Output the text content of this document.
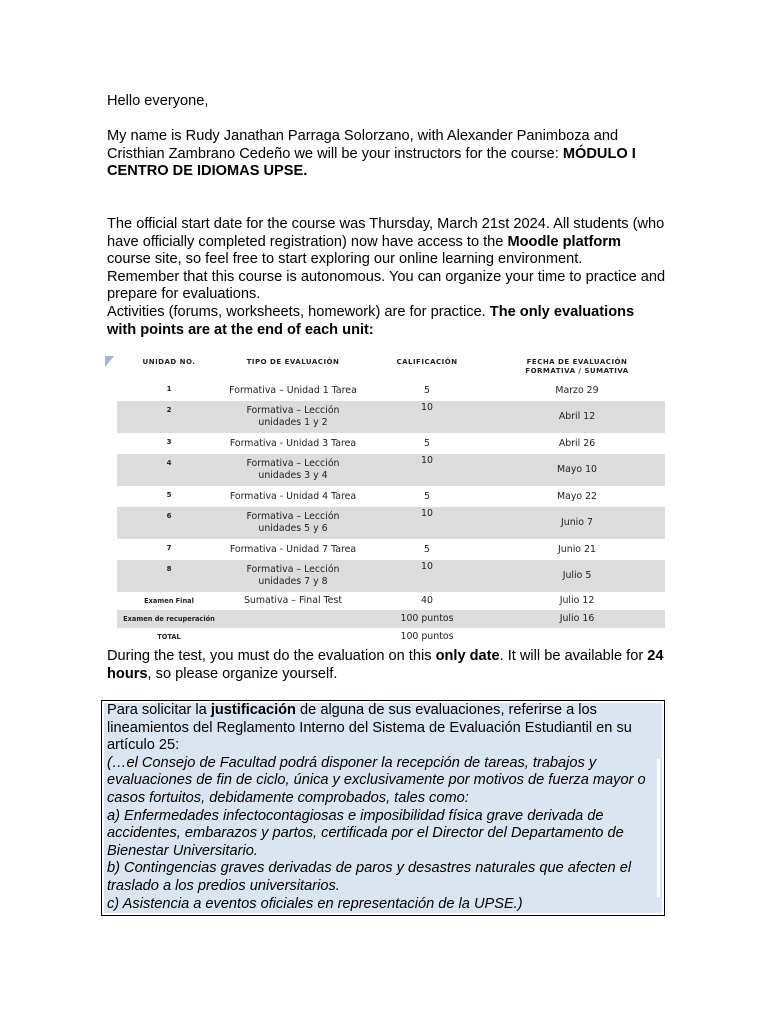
Hello everyone,

My name is Rudy Janathan Parraga Solorzano, with Alexander Panimboza and Cristhian Zambrano Cedeño we will be your instructors for the course: MÓDULO I CENTRO DE IDIOMAS UPSE.

The official start date for the course was Thursday, March 21st 2024. All students (who have officially completed registration) now have access to the Moodle platform course site, so feel free to start exploring our online learning environment.

Remember that this course is autonomous. You can organize your time to practice and prepare for evaluations.

Activities (forums, worksheets, homework) are for practice. The only evaluations with points are at the end of each unit:

UNIDAD NO.	TIPO DE EVALUACIÓN	CALIFICACIÓN	FECHA DE EVALUACIÓN
FORMATIVA / SUMATIVA
1	Formativa – Unidad 1 Tarea	5	Marzo 29
2	Formativa – Lección
unidades 1 y 2	10	Abril 12
3	Formativa - Unidad 3 Tarea	5	Abril 26
4	Formativa – Lección
unidades 3 y 4	10	Mayo 10
5	Formativa - Unidad 4 Tarea	5	Mayo 22
6	Formativa – Lección
unidades 5 y 6	10	Junio 7
7	Formativa - Unidad 7 Tarea	5	Junio 21
8	Formativa – Lección
unidades 7 y 8	10	Julio 5
Examen Final	Sumativa – Final Test	40	Julio 12
Examen de recuperación		100 puntos	Julio 16
TOTAL		100 puntos	

During the test, you must do the evaluation on this only date. It will be available for 24 hours, so please organize yourself.

Para solicitar la justificación de alguna de sus evaluaciones, referirse a los lineamientos del Reglamento Interno del Sistema de Evaluación Estudiantil en su artículo 25:

(…el Consejo de Facultad podrá disponer la recepción de tareas, trabajos y evaluaciones de fin de ciclo, única y exclusivamente por motivos de fuerza mayor o casos fortuitos, debidamente comprobados, tales como:

a) Enfermedades infectocontagiosas e imposibilidad física grave derivada de accidentes, embarazos y partos, certificada por el Director del Departamento de Bienestar Universitario.

b) Contingencias graves derivadas de paros y desastres naturales que afecten el traslado a los predios universitarios.

c) Asistencia a eventos oficiales en representación de la UPSE.)
